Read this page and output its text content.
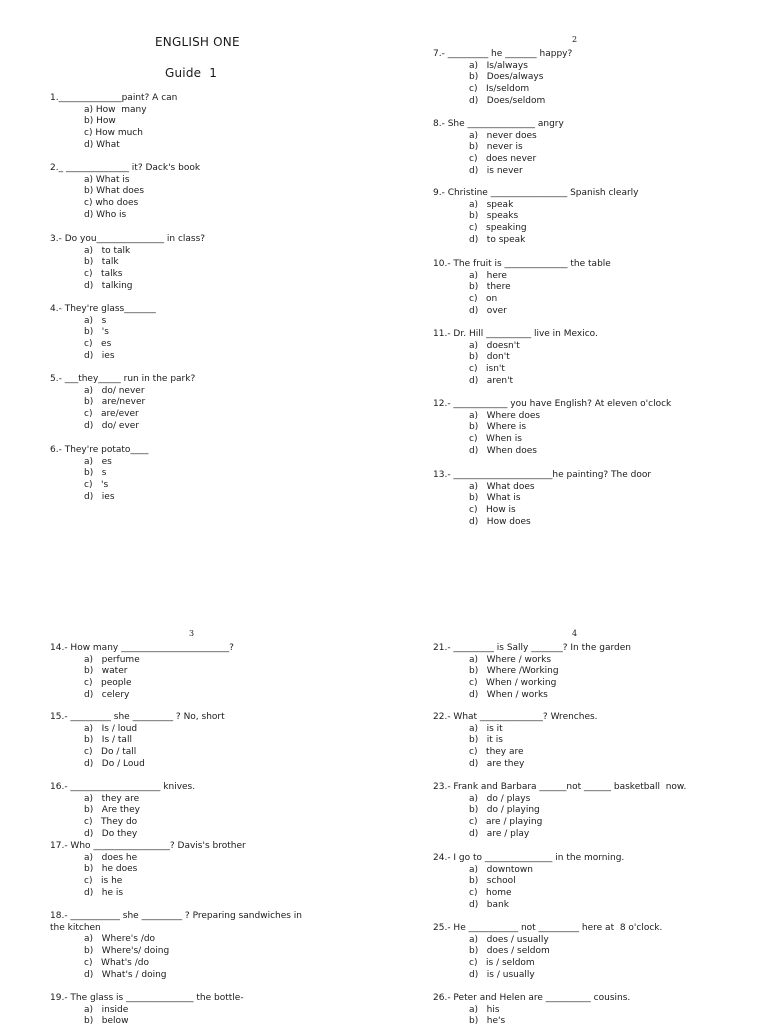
ENGLISH ONE
Guide  1
2
3	4
1.______________paint? A can
a) How  many
b) How
c) How much
d) What
2._ ______________ it? Dack's book
a) What is
b) What does
c) who does
d) Who is
3.- Do you_______________ in class?
a)   to talk
b)   talk
c)   talks
d)   talking
4.- They're glass_______
a)   s
b)   's
c)   es
d)   ies
5.- ___they_____ run in the park?
a)   do/ never
b)   are/never
c)   are/ever
d)   do/ ever
6.- They're potato____
a)   es
b)   s
c)   's
d)   ies
7.- _________ he _______ happy?
a)   Is/always
b)   Does/always
c)   Is/seldom
d)   Does/seldom
8.- She _______________ angry
a)   never does
b)   never is
c)   does never
d)   is never
9.- Christine _________________ Spanish clearly
a)   speak
b)   speaks
c)   speaking
d)   to speak
10.- The fruit is ______________ the table
a)   here
b)   there
c)   on
d)   over
11.- Dr. Hill __________ live in Mexico.
a)   doesn't
b)   don't
c)   isn't
d)   aren't
12.- ____________ you have English? At eleven o'clock
a)   Where does
b)   Where is
c)   When is
d)   When does
13.- ______________________he painting? The door
a)   What does
b)   What is
c)   How is
d)   How does
14.- How many ________________________?
a)   perfume
b)   water
c)   people
d)   celery
15.- _________ she _________ ? No, short
a)   Is / loud
b)   Is / tall
c)   Do / tall
d)   Do / Loud
16.- ____________________ knives.
a)   they are
b)   Are they
c)   They do
d)   Do they
17.- Who _________________? Davis's brother
a)   does he
b)   he does
c)   is he
d)   he is
18.- ___________ she _________ ? Preparing sandwiches in
the kitchen
a)   Where's /do
b)   Where's/ doing
c)   What's /do
d)   What's / doing
19.- The glass is _______________ the bottle-
a)   inside
b)   below
21.- _________ is Sally _______? In the garden
a)   Where / works
b)   Where /Working
c)   When / working
d)   When / works
22.- What ______________? Wrenches.
a)   is it
b)   it is
c)   they are
d)   are they
23.- Frank and Barbara ______not ______ basketball  now.
a)   do / plays
b)   do / playing
c)   are / playing
d)   are / play
24.- I go to _______________ in the morning.
a)   downtown
b)   school
c)   home
d)   bank
25.- He ___________ not _________ here at  8 o'clock.
a)   does / usually
b)   does / seldom
c)   is / seldom
d)   is / usually
26.- Peter and Helen are __________ cousins.
a)   his
b)   he's
